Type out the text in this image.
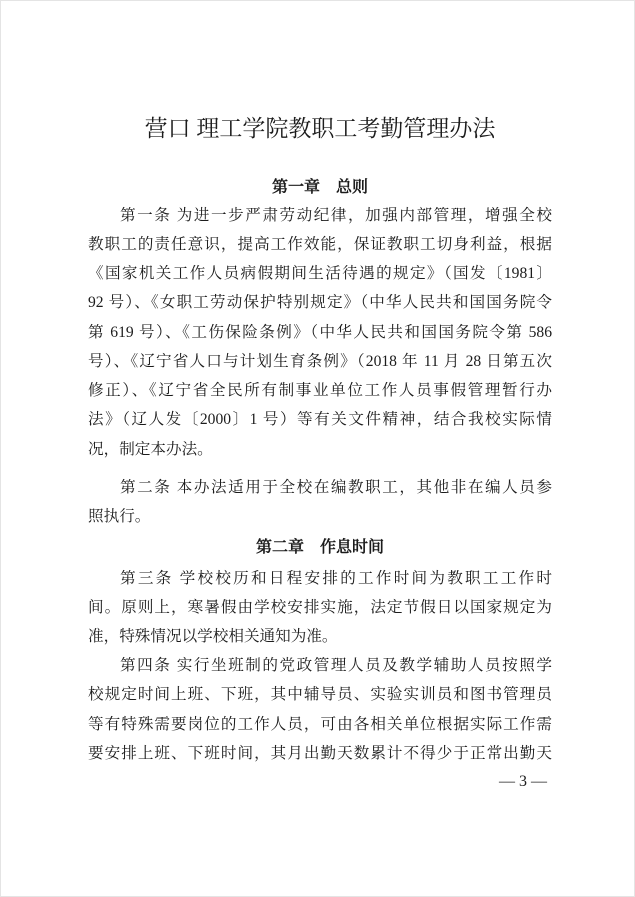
营口 理工学院教职工考勤管理办法
第一章　总则
第一条 为进一步严肃劳动纪律，加强内部管理，增强全校
教职工的责任意识，提高工作效能，保证教职工切身利益，根据
《国家机关工作人员病假期间生活待遇的规定》（国发〔1981〕
92 号）、《女职工劳动保护特别规定》（中华人民共和国国务院令
第 619 号）、《工伤保险条例》（中华人民共和国国务院令第 586
号）、《辽宁省人口与计划生育条例》（2018 年 11 月 28 日第五次
修正）、《辽宁省全民所有制事业单位工作人员事假管理暂行办
法》（辽人发〔2000〕1 号）等有关文件精神，结合我校实际情
况，制定本办法。
第二条 本办法适用于全校在编教职工，其他非在编人员参
照执行。
第二章　作息时间
第三条 学校校历和日程安排的工作时间为教职工工作时
间。原则上，寒暑假由学校安排实施，法定节假日以国家规定为
准，特殊情况以学校相关通知为准。
第四条 实行坐班制的党政管理人员及教学辅助人员按照学
校规定时间上班、下班，其中辅导员、实验实训员和图书管理员
等有特殊需要岗位的工作人员，可由各相关单位根据实际工作需
要安排上班、下班时间，其月出勤天数累计不得少于正常出勤天
— 3 —
